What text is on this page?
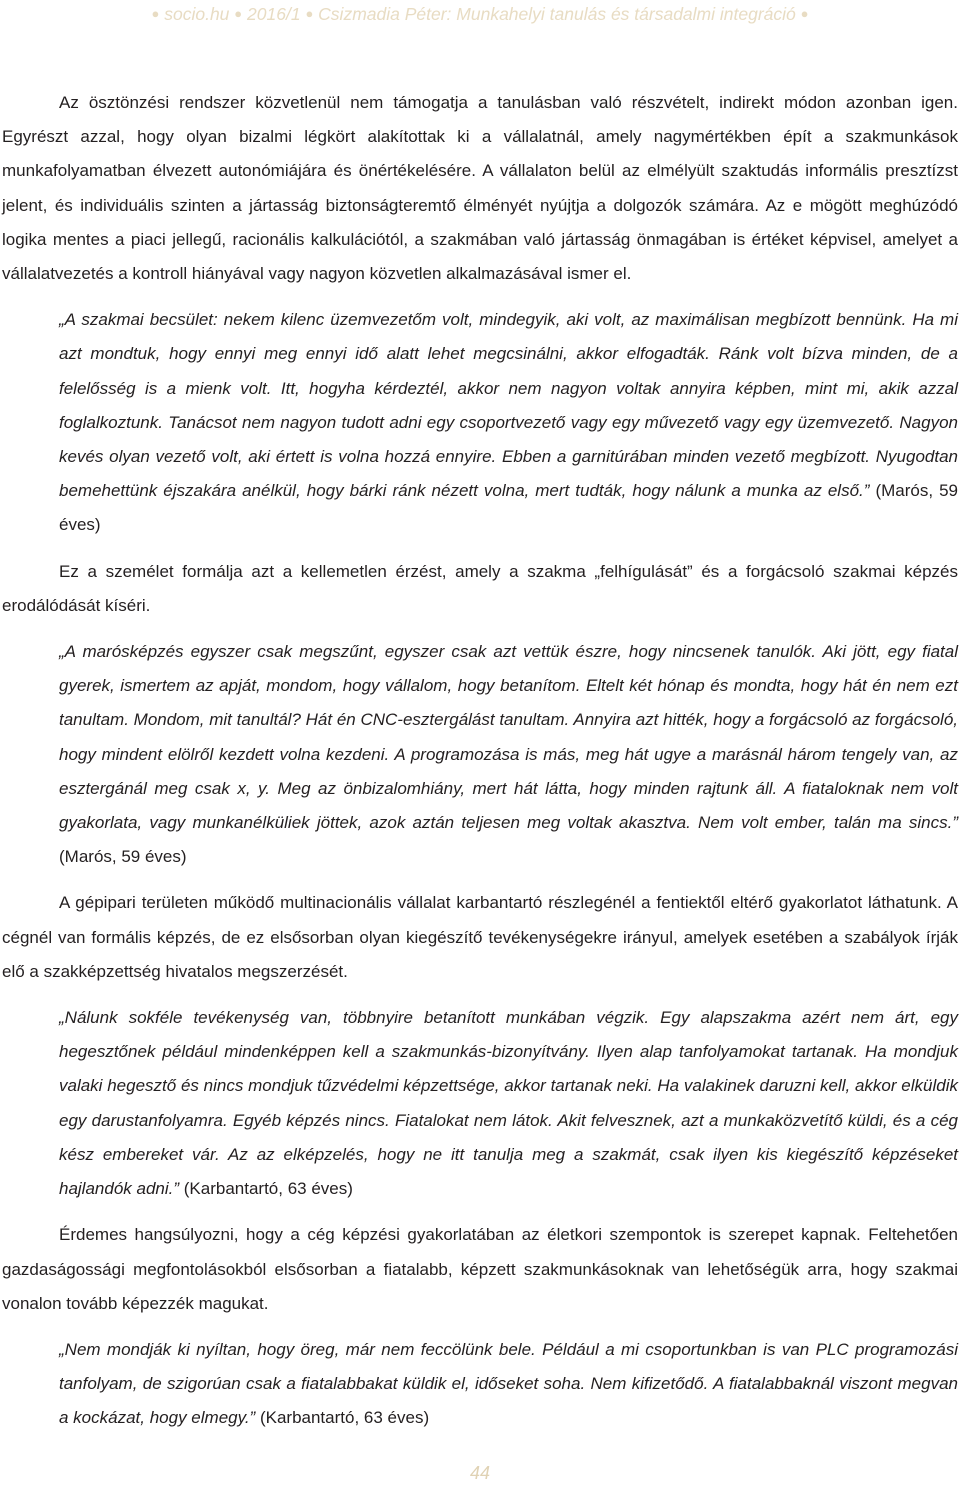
● socio.hu ● 2016/1 ● Csizmadia Péter: Munkahelyi tanulás és társadalmi integráció ●

Az ösztönzési rendszer közvetlenül nem támogatja a tanulásban való részvételt, indirekt módon azonban igen. Egyrészt azzal, hogy olyan bizalmi légkört alakítottak ki a vállalatnál, amely nagymértékben épít a szakmunkások munkafolyamatban élvezett autonómiájára és önértékelésére. A vállalaton belül az elmélyült szaktudás informális presztízst jelent, és individuális szinten a jártasság biztonságteremtő élményét nyújtja a dolgozók számára. Az e mögött meghúzódó logika mentes a piaci jellegű, racionális kalkulációtól, a szakmában való jártasság önmagában is értéket képvisel, amelyet a vállalatvezetés a kontroll hiányával vagy nagyon közvetlen alkalmazásával ismer el.

„A szakmai becsület: nekem kilenc üzemvezetőm volt, mindegyik, aki volt, az maximálisan megbízott bennünk. Ha mi azt mondtuk, hogy ennyi meg ennyi idő alatt lehet megcsinálni, akkor elfogadták. Ránk volt bízva minden, de a felelősség is a mienk volt. Itt, hogyha kérdeztél, akkor nem nagyon voltak annyira képben, mint mi, akik azzal foglalkoztunk. Tanácsot nem nagyon tudott adni egy csoportvezető vagy egy művezető vagy egy üzemvezető. Nagyon kevés olyan vezető volt, aki értett is volna hozzá ennyire. Ebben a garnitúrában minden vezető megbízott. Nyugodtan bemehettünk éjszakára anélkül, hogy bárki ránk nézett volna, mert tudták, hogy nálunk a munka az első.” (Marós, 59 éves)

Ez a személet formálja azt a kellemetlen érzést, amely a szakma „felhígulását” és a forgácsoló szakmai képzés erodálódását kíséri.

„A marósképzés egyszer csak megszűnt, egyszer csak azt vettük észre, hogy nincsenek tanulók. Aki jött, egy fiatal gyerek, ismertem az apját, mondom, hogy vállalom, hogy betanítom. Eltelt két hónap és mondta, hogy hát én nem ezt tanultam. Mondom, mit tanultál? Hát én CNC-esztergálást tanultam. Annyira azt hitték, hogy a forgácsoló az forgácsoló, hogy mindent elölről kezdett volna kezdeni. A programozása is más, meg hát ugye a marásnál három tengely van, az esztergánál meg csak x, y. Meg az önbizalomhiány, mert hát látta, hogy minden rajtunk áll. A fiataloknak nem volt gyakorlata, vagy munkanélküliek jöttek, azok aztán teljesen meg voltak akasztva. Nem volt ember, talán ma sincs.” (Marós, 59 éves)

A gépipari területen működő multinacionális vállalat karbantartó részlegénél a fentiektől eltérő gyakorlatot láthatunk. A cégnél van formális képzés, de ez elsősorban olyan kiegészítő tevékenységekre irányul, amelyek esetében a szabályok írják elő a szakképzettség hivatalos megszerzését.

„Nálunk sokféle tevékenység van, többnyire betanított munkában végzik. Egy alapszakma azért nem árt, egy hegesztőnek például mindenképpen kell a szakmunkás-bizonyítvány. Ilyen alap tanfolyamokat tartanak. Ha mondjuk valaki hegesztő és nincs mondjuk tűzvédelmi képzettsége, akkor tartanak neki. Ha valakinek daruzni kell, akkor elküldik egy darustanfolyamra. Egyéb képzés nincs. Fiatalokat nem látok. Akit felvesznek, azt a munkaközvetítő küldi, és a cég kész embereket vár. Az az elképzelés, hogy ne itt tanulja meg a szakmát, csak ilyen kis kiegészítő képzéseket hajlandók adni.” (Karbantartó, 63 éves)

Érdemes hangsúlyozni, hogy a cég képzési gyakorlatában az életkori szempontok is szerepet kapnak. Feltehetően gazdaságossági megfontolásokból elsősorban a fiatalabb, képzett szakmunkásoknak van lehetőségük arra, hogy szakmai vonalon tovább képezzék magukat.

„Nem mondják ki nyíltan, hogy öreg, már nem feccölünk bele. Például a mi csoportunkban is van PLC programozási tanfolyam, de szigorúan csak a fiatalabbakat küldik el, időseket soha. Nem kifizetődő. A fiatalabbaknál viszont megvan a kockázat, hogy elmegy.” (Karbantartó, 63 éves)

44
